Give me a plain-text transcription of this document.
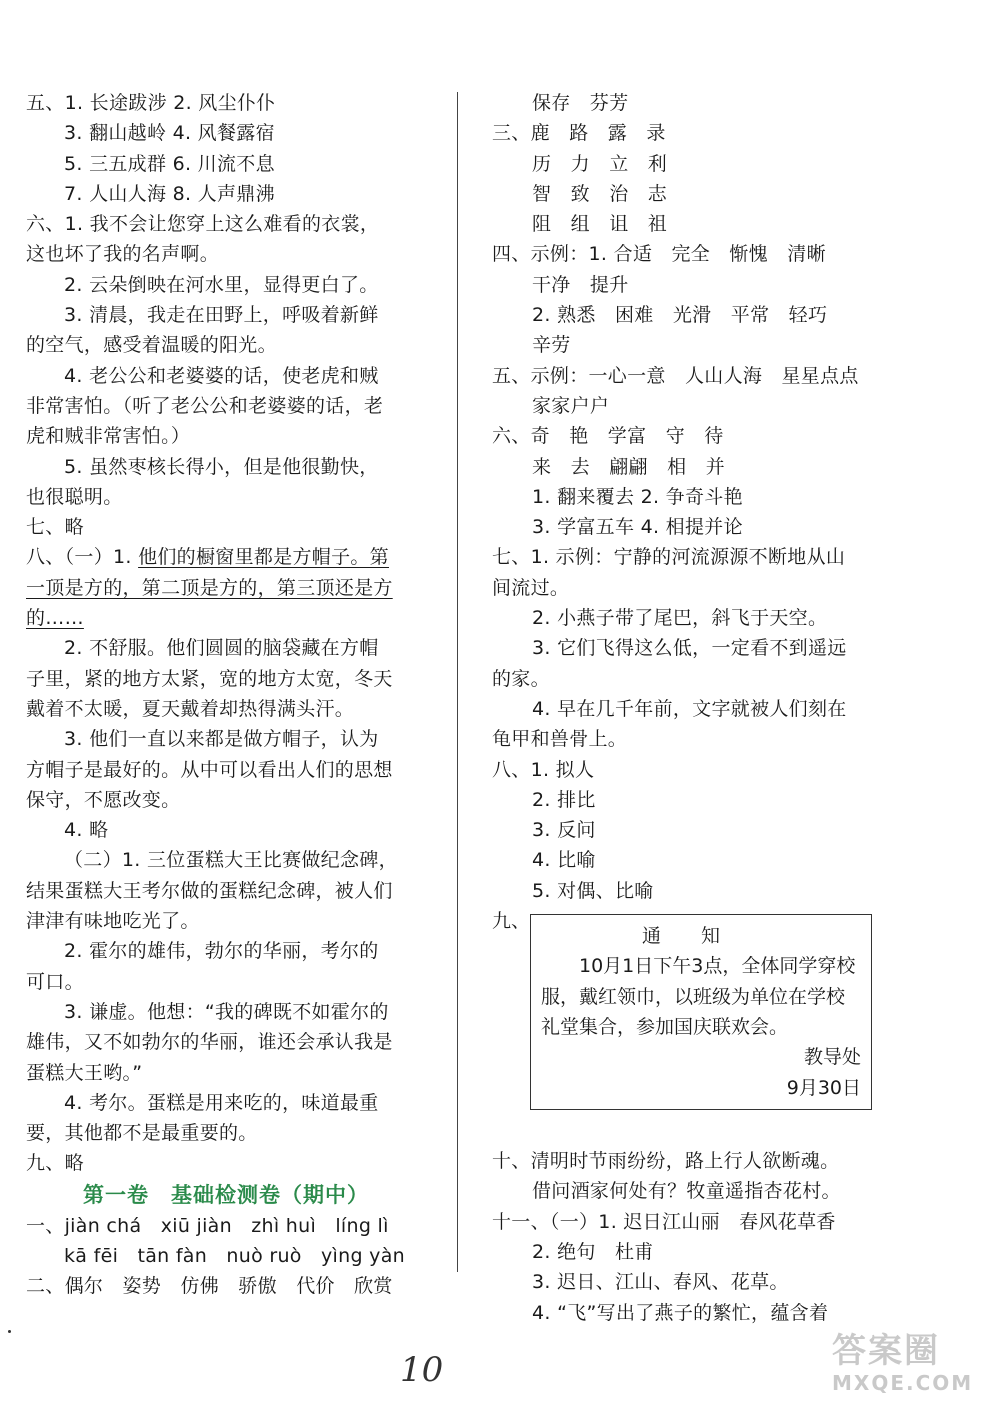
五、1. 长途跋涉 2. 风尘仆仆
3. 翻山越岭 4. 风餐露宿
5. 三五成群 6. 川流不息
7. 人山人海 8. 人声鼎沸
六、1. 我不会让您穿上这么难看的衣裳，
这也坏了我的名声啊。
2. 云朵倒映在河水里，显得更白了。
3. 清晨，我走在田野上，呼吸着新鲜
的空气，感受着温暖的阳光。
4. 老公公和老婆婆的话，使老虎和贼
非常害怕。（听了老公公和老婆婆的话，老
虎和贼非常害怕。）
5. 虽然枣核长得小，但是他很勤快，
也很聪明。
七、略
八、（一）1. 他们的橱窗里都是方帽子。第
一顶是方的，第二顶是方的，第三顶还是方
的……
2. 不舒服。他们圆圆的脑袋藏在方帽
子里，紧的地方太紧，宽的地方太宽，冬天
戴着不太暖，夏天戴着却热得满头汗。
3. 他们一直以来都是做方帽子，认为
方帽子是最好的。从中可以看出人们的思想
保守，不愿改变。
4. 略
（二）1. 三位蛋糕大王比赛做纪念碑，
结果蛋糕大王考尔做的蛋糕纪念碑，被人们
津津有味地吃光了。
2. 霍尔的雄伟，勃尔的华丽，考尔的
可口。
3. 谦虚。他想：“我的碑既不如霍尔的
雄伟，又不如勃尔的华丽，谁还会承认我是
蛋糕大王哟。”
4. 考尔。蛋糕是用来吃的，味道最重
要，其他都不是最重要的。
九、略
第一卷　基础检测卷（期中）
一、jiàn chá　xiū jiàn　zhì huì　líng lì
kā fēi　tān fàn　nuò ruò　yìng yàn
二、偶尔　姿势　仿佛　骄傲　代价　欣赏
保存　芬芳
三、鹿　路　露　录
历　力　立　利
智　致　治　志
阻　组　诅　祖
四、示例：1. 合适　完全　惭愧　清晰
干净　提升
2. 熟悉　困难　光滑　平常　轻巧
辛劳
五、示例：一心一意　人山人海　星星点点
家家户户
六、奇　艳　学富　守　待
来　去　翩翩　相　并
1. 翻来覆去 2. 争奇斗艳
3. 学富五车 4. 相提并论
七、1. 示例：宁静的河流源源不断地从山
间流过。
2. 小燕子带了尾巴，斜飞于天空。
3. 它们飞得这么低，一定看不到遥远
的家。
4. 早在几千年前，文字就被人们刻在
龟甲和兽骨上。
八、1. 拟人
2. 排比
3. 反问
4. 比喻
5. 对偶、比喻
九、
通知
10月1日下午3点，全体同学穿校服，戴红领巾，以班级为单位在学校礼堂集合，参加国庆联欢会。
教导处
9月30日
十、清明时节雨纷纷，路上行人欲断魂。
借问酒家何处有？牧童遥指杏花村。
十一、（一）1. 迟日江山丽　春风花草香
2. 绝句　杜甫
3. 迟日、江山、春风、花草。
4. “飞”写出了燕子的繁忙，蕴含着
10	答案圈
MXQE.COM
